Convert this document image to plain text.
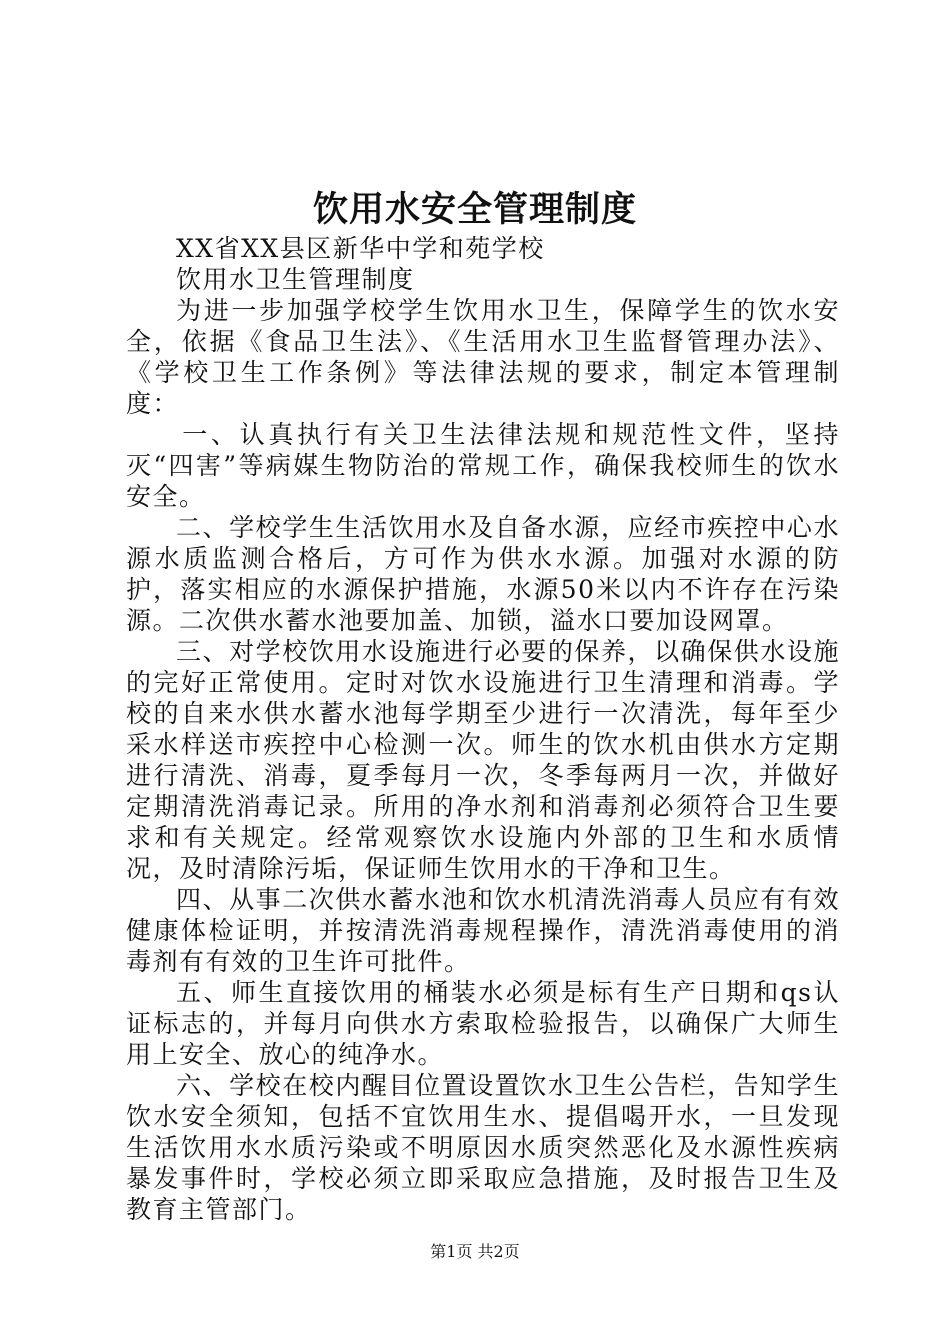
饮用水安全管理制度

XX省XX县区新华中学和苑学校

饮用水卫生管理制度

为进一步加强学校学生饮用水卫生，保障学生的饮水安全，依据《食品卫生法》、《生活用水卫生监督管理办法》、《学校卫生工作条例》等法律法规的要求，制定本管理制度：

一、认真执行有关卫生法律法规和规范性文件，坚持灭“四害”等病媒生物防治的常规工作，确保我校师生的饮水安全。

二、学校学生生活饮用水及自备水源，应经市疾控中心水源水质监测合格后，方可作为供水水源。加强对水源的防护，落实相应的水源保护措施，水源50米以内不许存在污染源。二次供水蓄水池要加盖、加锁，溢水口要加设网罩。

三、对学校饮用水设施进行必要的保养，以确保供水设施的完好正常使用。定时对饮水设施进行卫生清理和消毒。学校的自来水供水蓄水池每学期至少进行一次清洗，每年至少采水样送市疾控中心检测一次。师生的饮水机由供水方定期进行清洗、消毒，夏季每月一次，冬季每两月一次，并做好定期清洗消毒记录。所用的净水剂和消毒剂必须符合卫生要求和有关规定。经常观察饮水设施内外部的卫生和水质情况，及时清除污垢，保证师生饮用水的干净和卫生。

四、从事二次供水蓄水池和饮水机清洗消毒人员应有有效健康体检证明，并按清洗消毒规程操作，清洗消毒使用的消毒剂有有效的卫生许可批件。

五、师生直接饮用的桶装水必须是标有生产日期和qs认证标志的，并每月向供水方索取检验报告，以确保广大师生用上安全、放心的纯净水。

六、学校在校内醒目位置设置饮水卫生公告栏，告知学生饮水安全须知，包括不宜饮用生水、提倡喝开水，一旦发现生活饮用水水质污染或不明原因水质突然恶化及水源性疾病暴发事件时，学校必须立即采取应急措施，及时报告卫生及教育主管部门。

第1页 共2页
